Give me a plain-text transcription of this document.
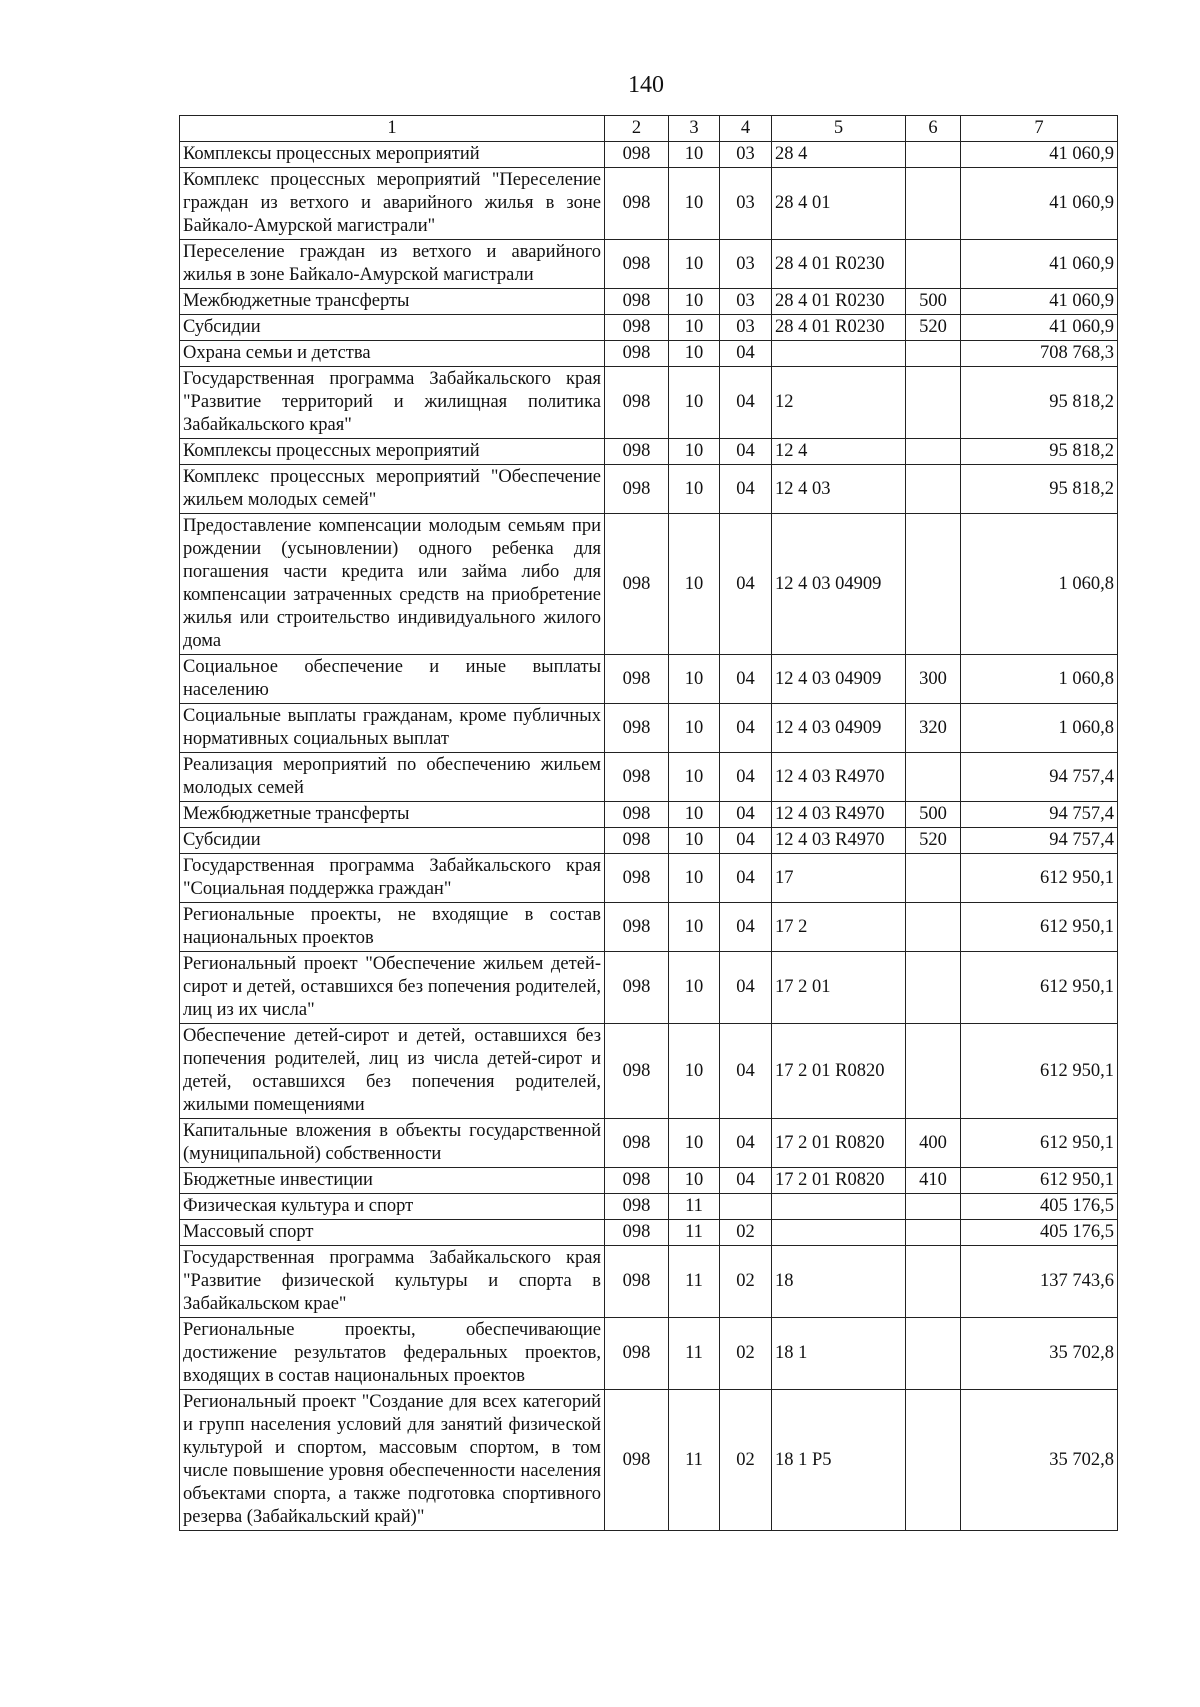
140
1	2	3	4	5	6	7
Комплексы процессных мероприятий	098	10	03	28 4		41 060,9
Комплекс процессных мероприятий "Переселение граждан из ветхого и аварийного жилья в зоне Байкало-Амурской магистрали"	098	10	03	28 4 01		41 060,9
Переселение граждан из ветхого и аварийного жилья в зоне Байкало-Амурской магистрали	098	10	03	28 4 01 R0230		41 060,9
Межбюджетные трансферты	098	10	03	28 4 01 R0230	500	41 060,9
Субсидии	098	10	03	28 4 01 R0230	520	41 060,9
Охрана семьи и детства	098	10	04			708 768,3
Государственная программа Забайкальского края "Развитие территорий и жилищная политика Забайкальского края"	098	10	04	12		95 818,2
Комплексы процессных мероприятий	098	10	04	12 4		95 818,2
Комплекс процессных мероприятий "Обеспечение жильем молодых семей"	098	10	04	12 4 03		95 818,2
Предоставление компенсации молодым семьям при рождении (усыновлении) одного ребенка для погашения части кредита или займа либо для компенсации затраченных средств на приобретение жилья или строительство индивидуального жилого дома	098	10	04	12 4 03 04909		1 060,8
Социальное обеспечение и иные выплаты населению	098	10	04	12 4 03 04909	300	1 060,8
Социальные выплаты гражданам, кроме публичных нормативных социальных выплат	098	10	04	12 4 03 04909	320	1 060,8
Реализация мероприятий по обеспечению жильем молодых семей	098	10	04	12 4 03 R4970		94 757,4
Межбюджетные трансферты	098	10	04	12 4 03 R4970	500	94 757,4
Субсидии	098	10	04	12 4 03 R4970	520	94 757,4
Государственная программа Забайкальского края "Социальная поддержка граждан"	098	10	04	17		612 950,1
Региональные проекты, не входящие в состав национальных проектов	098	10	04	17 2		612 950,1
Региональный проект "Обеспечение жильем детей-сирот и детей, оставшихся без попечения родителей, лиц из их числа"	098	10	04	17 2 01		612 950,1
Обеспечение детей-сирот и детей, оставшихся без попечения родителей, лиц из числа детей-сирот и детей, оставшихся без попечения родителей, жилыми помещениями	098	10	04	17 2 01 R0820		612 950,1
Капитальные вложения в объекты государственной (муниципальной) собственности	098	10	04	17 2 01 R0820	400	612 950,1
Бюджетные инвестиции	098	10	04	17 2 01 R0820	410	612 950,1
Физическая культура и спорт	098	11				405 176,5
Массовый спорт	098	11	02			405 176,5
Государственная программа Забайкальского края "Развитие физической культуры и спорта в Забайкальском крае"	098	11	02	18		137 743,6
Региональные проекты, обеспечивающие достижение результатов федеральных проектов, входящих в состав национальных проектов	098	11	02	18 1		35 702,8
Региональный проект "Создание для всех категорий и групп населения условий для занятий физической культурой и спортом, массовым спортом, в том числе повышение уровня обеспеченности населения объектами спорта, а также подготовка спортивного резерва (Забайкальский край)"	098	11	02	18 1 P5		35 702,8
